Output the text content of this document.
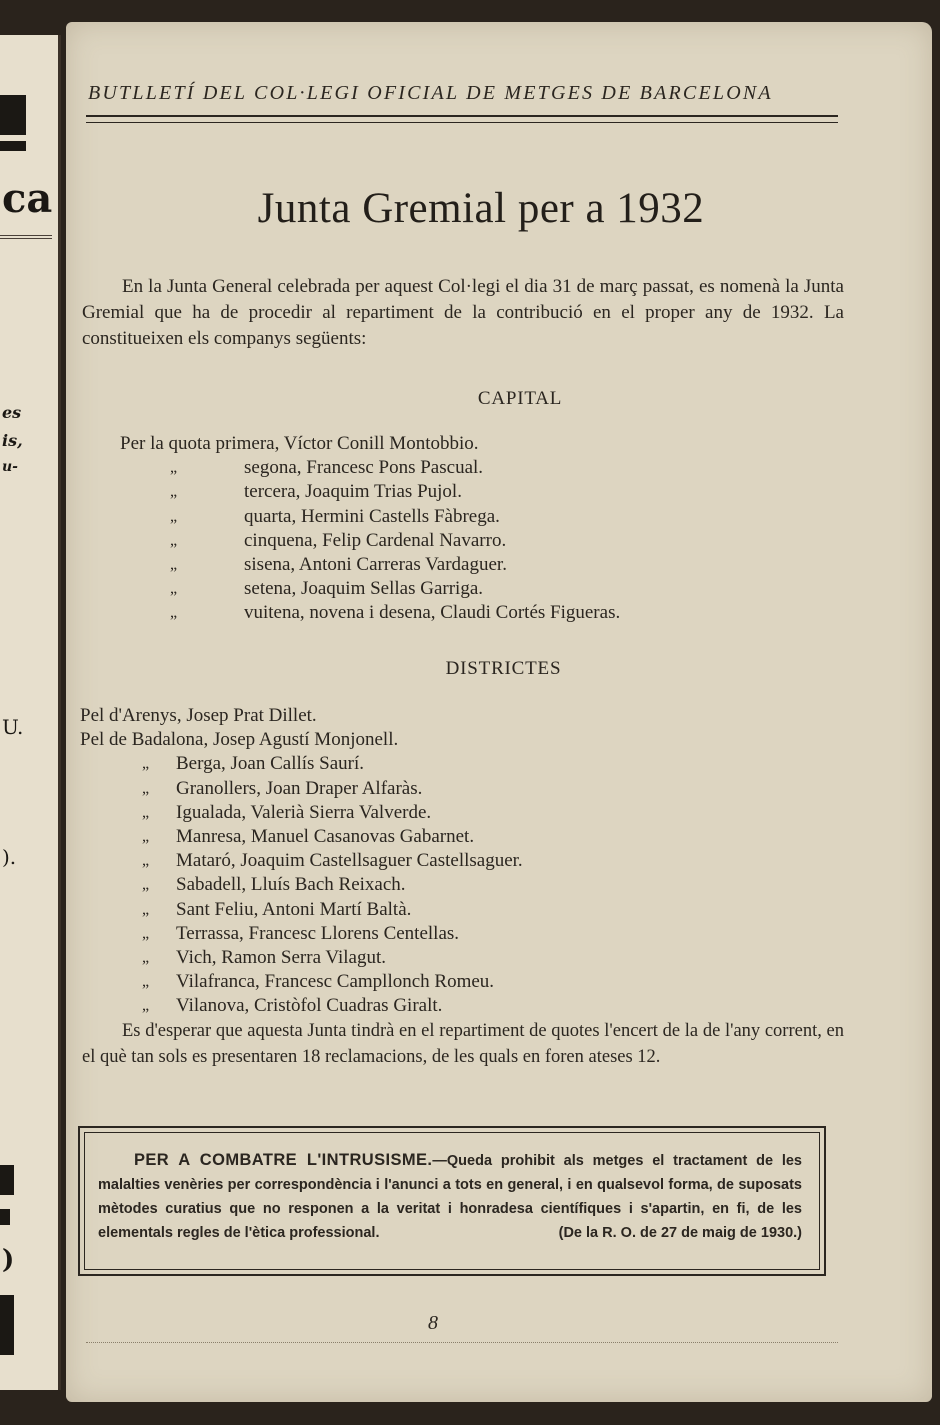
ca
es
is,
u-
U.
).
)
BUTLLETÍ DEL COL·LEGI OFICIAL DE METGES DE BARCELONA
Junta Gremial per a 1932
En la Junta General celebrada per aquest Col·legi el dia 31 de març passat, es nomenà la Junta Gremial que ha de procedir al repartiment de la contribució en el proper any de 1932. La constitueixen els companys següents:
CAPITAL
Per la quota primera, Víctor Conill Montobbio.
„	segona, Francesc Pons Pascual.
„	tercera, Joaquim Trias Pujol.
„	quarta, Hermini Castells Fàbrega.
„	cinquena, Felip Cardenal Navarro.
„	sisena, Antoni Carreras Vardaguer.
„	setena, Joaquim Sellas Garriga.
„	vuitena, novena i desena, Claudi Cortés Figueras.
DISTRICTES
Pel d'Arenys, Josep Prat Dillet.
Pel de Badalona, Josep Agustí Monjonell.
„ Berga, Joan Callís Saurí.
„ Granollers, Joan Draper Alfaràs.
„ Igualada, Valerià Sierra Valverde.
„ Manresa, Manuel Casanovas Gabarnet.
„ Mataró, Joaquim Castellsaguer Castellsaguer.
„ Sabadell, Lluís Bach Reixach.
„ Sant Feliu, Antoni Martí Baltà.
„ Terrassa, Francesc Llorens Centellas.
„ Vich, Ramon Serra Vilagut.
„ Vilafranca, Francesc Campllonch Romeu.
„ Vilanova, Cristòfol Cuadras Giralt.
Es d'esperar que aquesta Junta tindrà en el repartiment de quotes l'encert de la de l'any corrent, en el què tan sols es presentaren 18 reclamacions, de les quals en foren ateses 12.
PER A COMBATRE L'INTRUSISME.—Queda prohibit als metges el tractament de les malalties venèries per correspondència i l'anunci a tots en general, i en qualsevol forma, de suposats mètodes curatius que no responen a la veritat i honradesa científiques i s'apartin, en fi, de les elementals regles de l'ètica professional.	(De la R. O. de 27 de maig de 1930.)
8
